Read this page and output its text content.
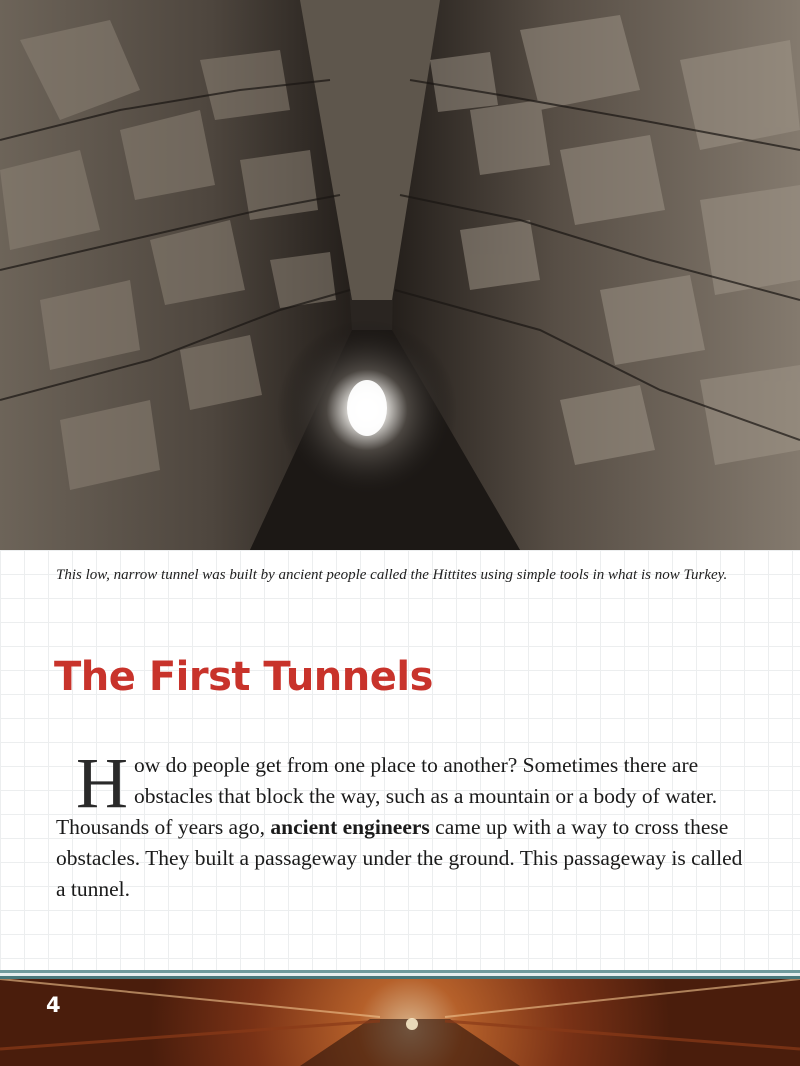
This low, narrow tunnel was built by ancient people called the Hittites using simple tools in what is now Turkey.

The First Tunnels

How do people get from one place to another? Sometimes there are obstacles that block the way, such as a mountain or a body of water. Thousands of years ago, ancient engineers came up with a way to cross these obstacles. They built a passageway under the ground. This passageway is called a tunnel.

4
